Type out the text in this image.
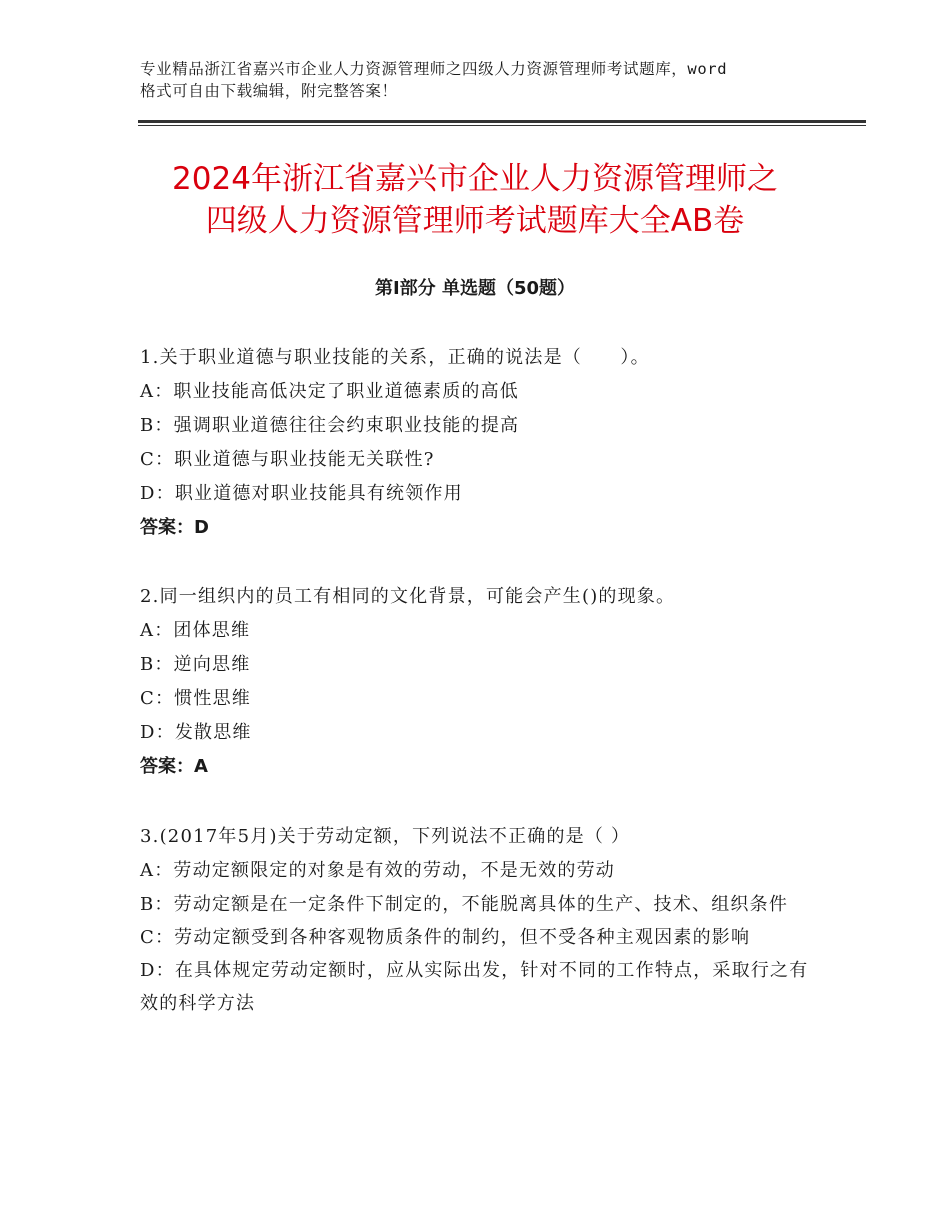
专业精品浙江省嘉兴市企业人力资源管理师之四级人力资源管理师考试题库，word
格式可自由下载编辑，附完整答案！
2024年浙江省嘉兴市企业人力资源管理师之
四级人力资源管理师考试题库大全AB卷
第Ⅰ部分 单选题（50题）
1.关于职业道德与职业技能的关系，正确的说法是（　　）。
A：职业技能高低决定了职业道德素质的高低
B：强调职业道德往往会约束职业技能的提高
C：职业道德与职业技能无关联性?
D：职业道德对职业技能具有统领作用
答案：D
2.同一组织内的员工有相同的文化背景，可能会产生()的现象。
A：团体思维
B：逆向思维
C：惯性思维
D：发散思维
答案：A
3.(2017年5月)关于劳动定额，下列说法不正确的是（ ）
A：劳动定额限定的对象是有效的劳动，不是无效的劳动
B：劳动定额是在一定条件下制定的，不能脱离具体的生产、技术、组织条件
C：劳动定额受到各种客观物质条件的制约，但不受各种主观因素的影响
D：在具体规定劳动定额时，应从实际出发，针对不同的工作特点，采取行之有效的科学方法
